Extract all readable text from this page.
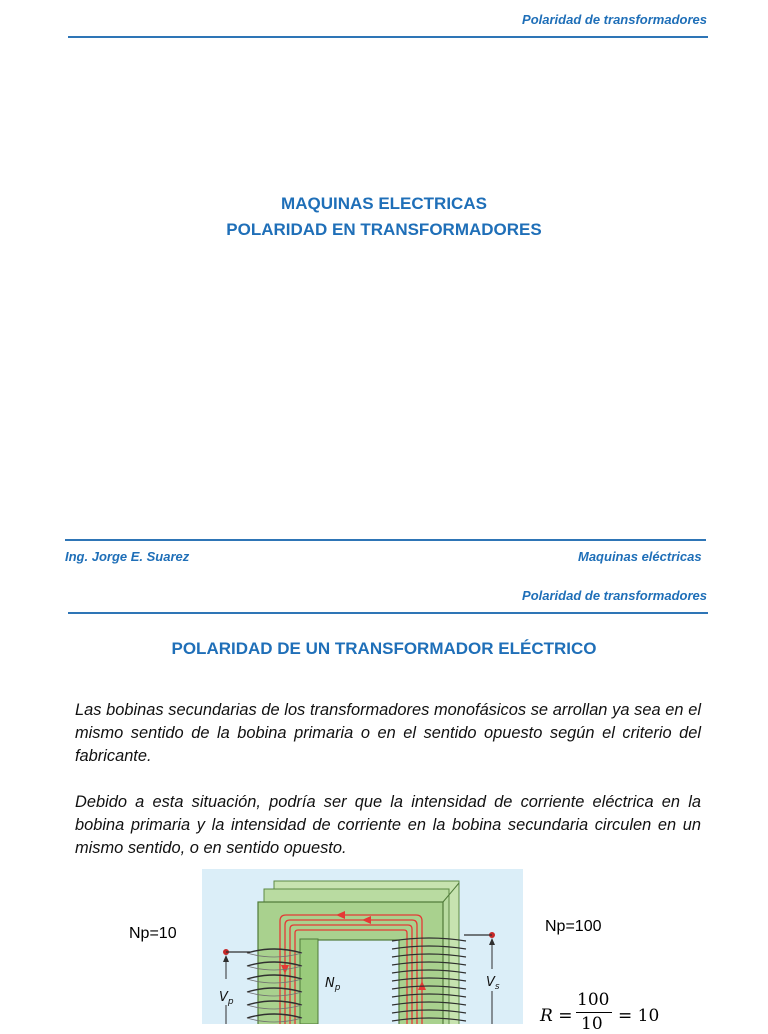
Polaridad de transformadores
MAQUINAS ELECTRICAS
POLARIDAD EN TRANSFORMADORES
Ing. Jorge E. Suarez	Maquinas eléctricas
Polaridad de transformadores
POLARIDAD DE UN TRANSFORMADOR ELÉCTRICO
Las bobinas secundarias de los transformadores monofásicos se arrollan ya sea en el mismo sentido de la bobina primaria o en el sentido opuesto según el criterio del fabricante.
Debido a esta situación, podría ser que la intensidad de corriente eléctrica en la bobina primaria y la intensidad de corriente en la bobina secundaria circulen en un mismo sentido, o en sentido opuesto.
Np=10	Np=100
$N_p$
$V_p$
$V_s$
R =
100
10 = 10
